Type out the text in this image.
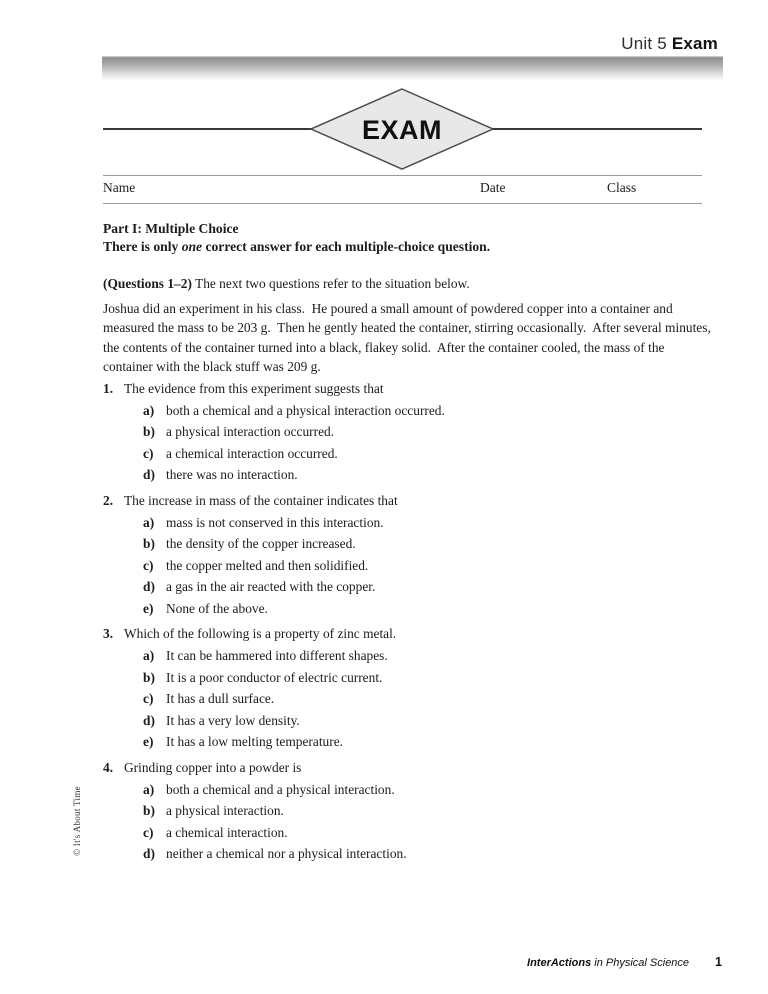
Unit 5 Exam
EXAM
Name	Date	Class
Part I: Multiple Choice
There is only one correct answer for each multiple-choice question.
(Questions 1–2) The next two questions refer to the situation below.
Joshua did an experiment in his class.  He poured a small amount of powdered copper into a container and measured the mass to be 203 g.  Then he gently heated the container, stirring occasionally.  After several minutes, the contents of the container turned into a black, flakey solid.  After the container cooled, the mass of the container with the black stuff was 209 g.
1. The evidence from this experiment suggests that
a) both a chemical and a physical interaction occurred.
b) a physical interaction occurred.
c) a chemical interaction occurred.
d) there was no interaction.
2. The increase in mass of the container indicates that
a) mass is not conserved in this interaction.
b) the density of the copper increased.
c) the copper melted and then solidified.
d) a gas in the air reacted with the copper.
e) None of the above.
3. Which of the following is a property of zinc metal.
a) It can be hammered into different shapes.
b) It is a poor conductor of electric current.
c) It has a dull surface.
d) It has a very low density.
e) It has a low melting temperature.
4. Grinding copper into a powder is
a) both a chemical and a physical interaction.
b) a physical interaction.
c) a chemical interaction.
d) neither a chemical nor a physical interaction.
© It's About Time
InterActions in Physical Science 1
